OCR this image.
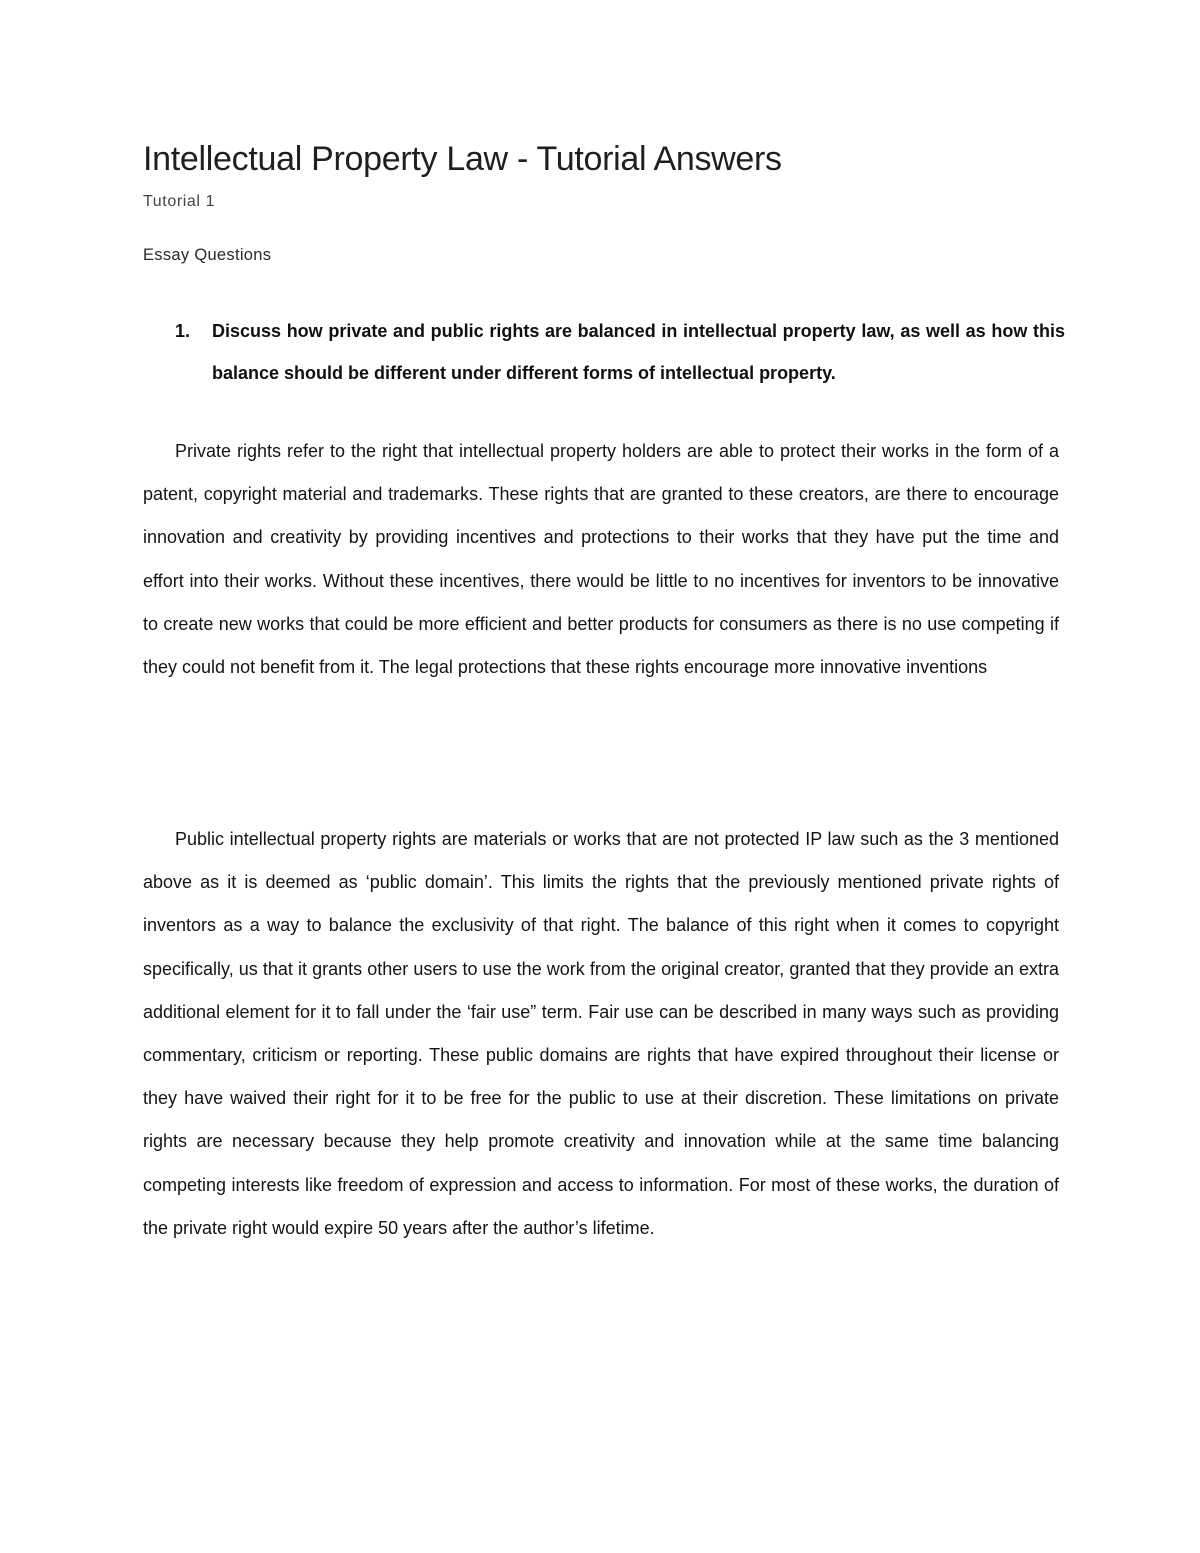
Intellectual Property Law - Tutorial Answers

Tutorial 1

Essay Questions

1.	Discuss how private and public rights are balanced in intellectual property law, as well as how this balance should be different under different forms of intellectual property.

Private rights refer to the right that intellectual property holders are able to protect their works in the form of a patent, copyright material and trademarks. These rights that are granted to these creators, are there to encourage innovation and creativity by providing incentives and protections to their works that they have put the time and effort into their works. Without these incentives, there would be little to no incentives for inventors to be innovative to create new works that could be more efficient and better products for consumers as there is no use competing if they could not benefit from it. The legal protections that these rights encourage more innovative inventions

Public intellectual property rights are materials or works that are not protected IP law such as the 3 mentioned above as it is deemed as ‘public domain’. This limits the rights that the previously mentioned private rights of inventors as a way to balance the exclusivity of that right. The balance of this right when it comes to copyright specifically, us that it grants other users to use the work from the original creator, granted that they provide an extra additional element for it to fall under the ‘fair use” term. Fair use can be described in many ways such as providing commentary, criticism or reporting. These public domains are rights that have expired throughout their license or they have waived their right for it to be free for the public to use at their discretion. These limitations on private rights are necessary because they help promote creativity and innovation while at the same time balancing competing interests like freedom of expression and access to information. For most of these works, the duration of the private right would expire 50 years after the author’s lifetime.
